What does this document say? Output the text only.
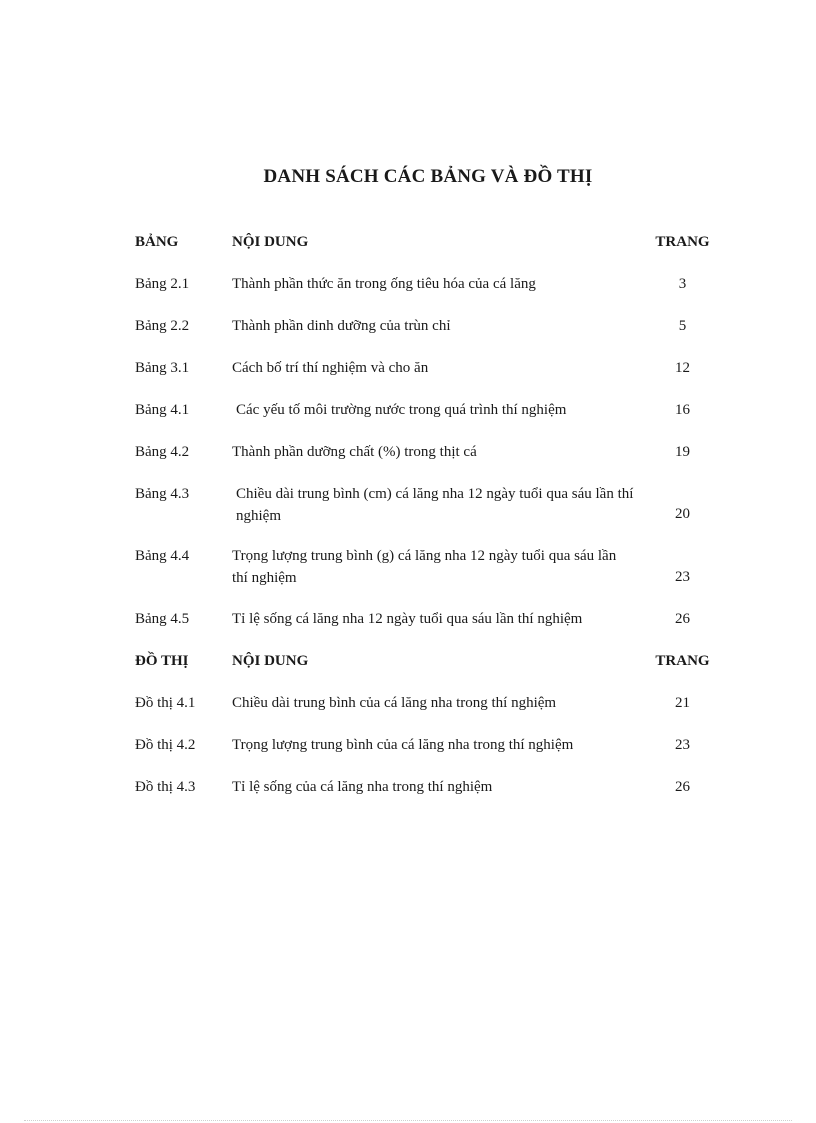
DANH SÁCH CÁC BẢNG VÀ ĐỒ THỊ
BẢNG	NỘI DUNG	TRANG
Bảng 2.1	Thành phần thức ăn trong ống tiêu hóa của cá lăng	3
Bảng 2.2	Thành phần dinh dưỡng của trùn chỉ	5
Bảng 3.1	Cách bố trí thí nghiệm và cho ăn	12
Bảng 4.1	Các yếu tố môi trường nước trong quá trình thí nghiệm	16
Bảng 4.2	Thành phần dưỡng chất (%) trong thịt cá	19
Bảng 4.3	Chiều dài trung bình (cm) cá lăng nha 12 ngày tuổi qua sáu lần thí nghiệm	20
Bảng 4.4	Trọng lượng trung bình (g) cá lăng nha 12 ngày tuổi qua sáu lần thí nghiệm	23
Bảng 4.5	Tỉ lệ sống cá lăng nha 12 ngày tuổi qua sáu lần thí nghiệm	26
ĐỒ THỊ	NỘI DUNG	TRANG
Đồ thị 4.1 Chiều dài trung bình của cá lăng nha trong thí nghiệm	21
Đồ thị 4.2 Trọng lượng trung bình của cá lăng nha trong thí nghiệm	23
Đồ thị 4.3 Tỉ lệ sống của cá lăng nha trong thí nghiệm	26
